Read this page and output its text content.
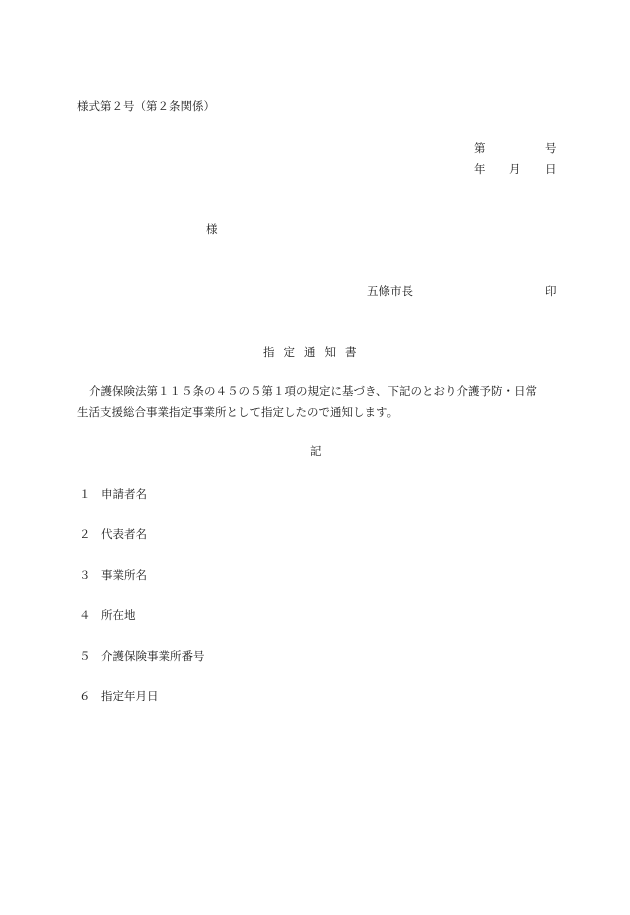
様式第２号（第２条関係）
第	号
年 月 日
様
五條市長	印
指定通知書
介護保険法第１１５条の４５の５第１項の規定に基づき、下記のとおり介護予防・日常
生活支援総合事業指定事業所として指定したので通知します。
記
１ 申請者名
２ 代表者名
３ 事業所名
４ 所在地
５ 介護保険事業所番号
６ 指定年月日
